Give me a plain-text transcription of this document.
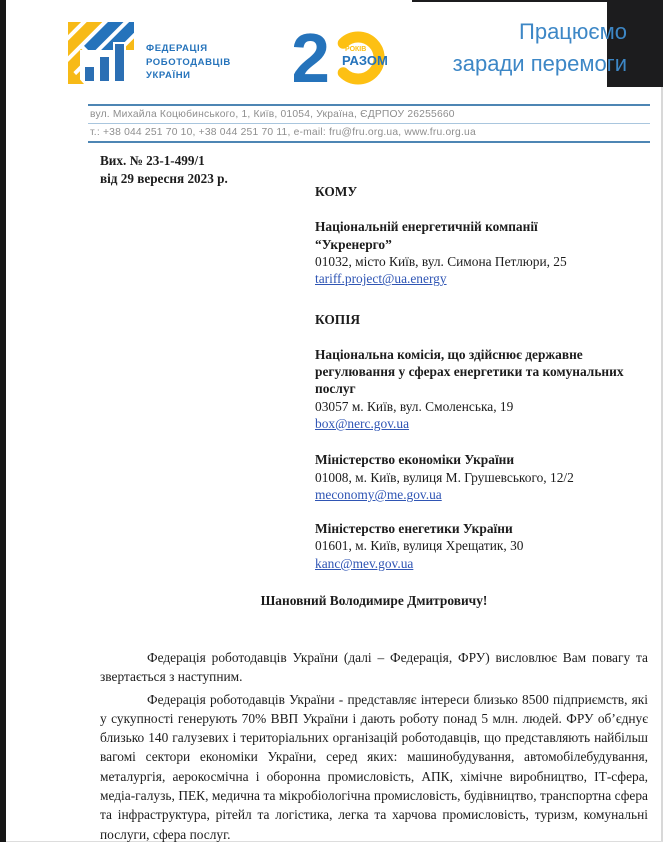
ФЕДЕРАЦІЯ
РОБОТОДАВЦІВ
УКРАЇНИ	2 РОКІВ
РАЗОМ
Працюємо
заради перемоги
вул. Михайла Коцюбинського, 1, Київ, 01054, Україна, ЄДРПОУ 26255660
т.: +38 044 251 70 10, +38 044 251 70 11, e-mail: fru@fru.org.ua, www.fru.org.ua
Вих. № 23-1-499/1
від 29 вересня 2023 р.
КОМУ
Національній енергетичній компанії
“Укренерго”
01032, місто Київ, вул. Симона Петлюри, 25
tariff.project@ua.energy
КОПІЯ
Національна комісія, що здійснює державне регулювання у сферах енергетики та комунальних послуг
03057 м. Київ, вул. Смоленська, 19
box@nerc.gov.ua
Міністерство економіки України
01008, м. Київ, вулиця М. Грушевського, 12/2
meconomy@me.gov.ua
Міністерство енегетики України
01601, м. Київ, вулиця Хрещатик, 30
kanc@mev.gov.ua
Шановний Володимире Дмитровичу!

Федерація роботодавців України (далі – Федерація, ФРУ) висловлює Вам повагу та звертається з наступним.

Федерація роботодавців України - представляє інтереси близько 8500 підприємств, які у сукупності генерують 70% ВВП України і дають роботу понад 5 млн. людей. ФРУ об’єднує близько 140 галузевих і територіальних організацій роботодавців, що представляють найбільш вагомі сектори економіки України, серед яких: машинобудування, автомобілебудування, металургія, аерокосмічна і оборонна промисловість, АПК, хімічне виробництво, ІТ-сфера, медіа-галузь, ПЕК, медична та мікробіологічна промисловість, будівництво, транспортна сфера та інфраструктура, рітейл та логістика, легка та харчова промисловість, туризм, комунальні послуги, сфера послуг.
